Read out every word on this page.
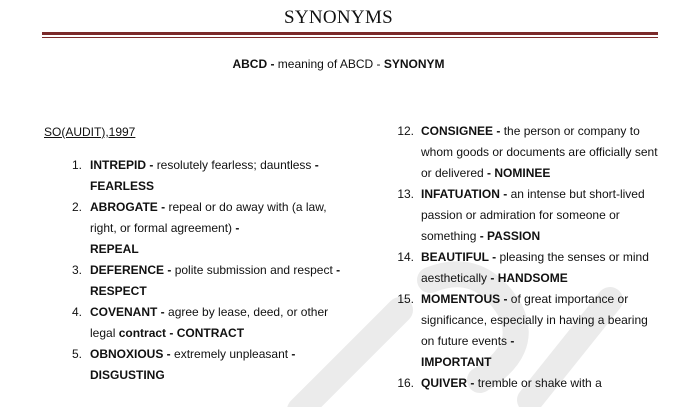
SYNONYMS
ABCD - meaning of ABCD - SYNONYM
SO(AUDIT),1997
1. INTREPID - resolutely fearless; dauntless - FEARLESS
2. ABROGATE - repeal or do away with (a law, right, or formal agreement) -
REPEAL
3. DEFERENCE - polite submission and respect - RESPECT
4. COVENANT - agree by lease, deed, or other legal contract - CONTRACT
5. OBNOXIOUS - extremely unpleasant -
DISGUSTING
12. CONSIGNEE - the person or company to whom goods or documents are officially sent or delivered - NOMINEE
13. INFATUATION - an intense but short-lived passion or admiration for someone or something - PASSION
14. BEAUTIFUL - pleasing the senses or mind aesthetically - HANDSOME
15. MOMENTOUS - of great importance or significance, especially in having a bearing on future events -
IMPORTANT
16. QUIVER - tremble or shake with a
